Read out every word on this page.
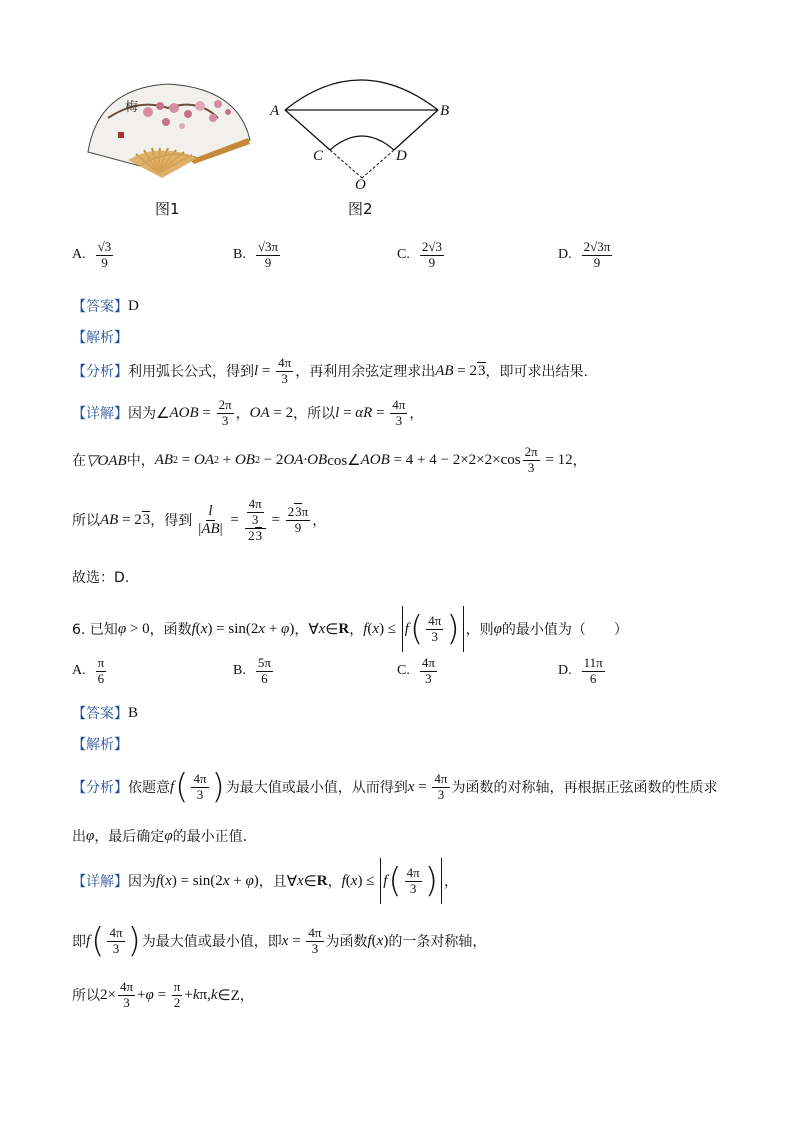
梅
图1
A	B
C	D
O
图2
A. $\frac{√3}{9}$	B. $\frac{√3\pi}{9}$	C. $\frac{2√3}{9}$	D. $\frac{2√3\pi}{9}$
【答案】 D
【解析】
【分析】 利用弧长公式，得到 $l = \frac{4\pi}{3}$ ，再利用余弦定理求出 AB = 23 ，即可求出结果.
【详解】 因为 ∠ AOB = $\frac{2\pi}{3}$ ， OA = 2 ，所以 $l = \alpha R = \frac{4\pi}{3}$ ，
在 ▽OAB 中， AB 2 = OA 2 + OB 2 − 2 OA·OB cos∠ AOB = $4 + 4 - 2\times 2\times 2\times\cos \frac{2\pi}{3} = 12$ ，
所以 AB = 23 ，得到 $\frac{l}{|AB|} = \frac{\frac{4\pi}{3}}{23} = \frac{23\pi}{9}$ ，
故选：D.
6. 已知 φ > 0 ，函数 f ( x ) = sin(2 x + φ ) ， ∀ x ∈ R ， f ( x ) ≤ f ( $\frac{4\pi}{3}$ ) ，则 φ 的最小值为（　　）
A. $\frac{\pi}{6}$	B. $\frac{5\pi}{6}$	C. $\frac{4\pi}{3}$	D. $\frac{11\pi}{6}$
【答案】 B
【解析】
【分析】 依题意 f ( $\frac{4\pi}{3}$ ) 为最大值或最小值，从而得到 $x = \frac{4\pi}{3}$ 为函数的对称轴，再根据正弦函数的性质求
出 φ ，最后确定 φ 的最小正值.
【详解】 因为 f ( x ) = sin(2 x + φ ) ，且 ∀ x ∈ R ， f ( x ) ≤ f ( $\frac{4\pi}{3}$ ) ，
即 f ( $\frac{4\pi}{3}$ ) 为最大值或最小值，即 $x = \frac{4\pi}{3}$ 为函数 f ( x ) 的一条对称轴，
所以 $2\times \frac{4\pi}{3} + \varphi = \frac{\pi}{2} + k$ π, k ∈Z ，
